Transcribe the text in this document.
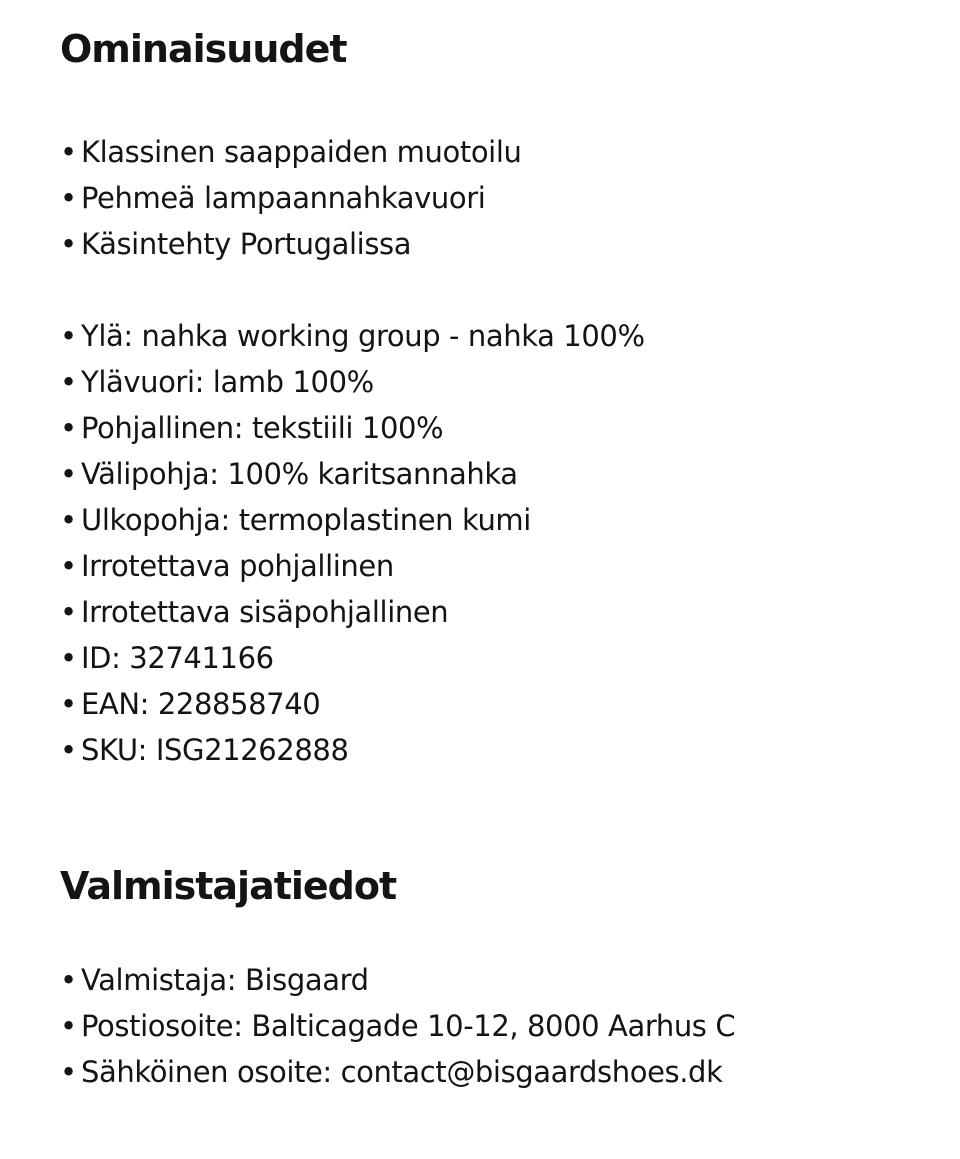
Ominaisuudet
• Klassinen saappaiden muotoilu
• Pehmeä lampaannahkavuori
• Käsintehty Portugalissa
• Ylä: nahka working group - nahka 100%
• Ylävuori: lamb 100%
• Pohjallinen: tekstiili 100%
• Välipohja: 100% karitsannahka
• Ulkopohja: termoplastinen kumi
• Irrotettava pohjallinen
• Irrotettava sisäpohjallinen
• ID: 32741166
• EAN: 228858740
• SKU: ISG21262888
Valmistajatiedot
• Valmistaja: Bisgaard
• Postiosoite: Balticagade 10-12, 8000 Aarhus C
• Sähköinen osoite: contact@bisgaardshoes.dk
